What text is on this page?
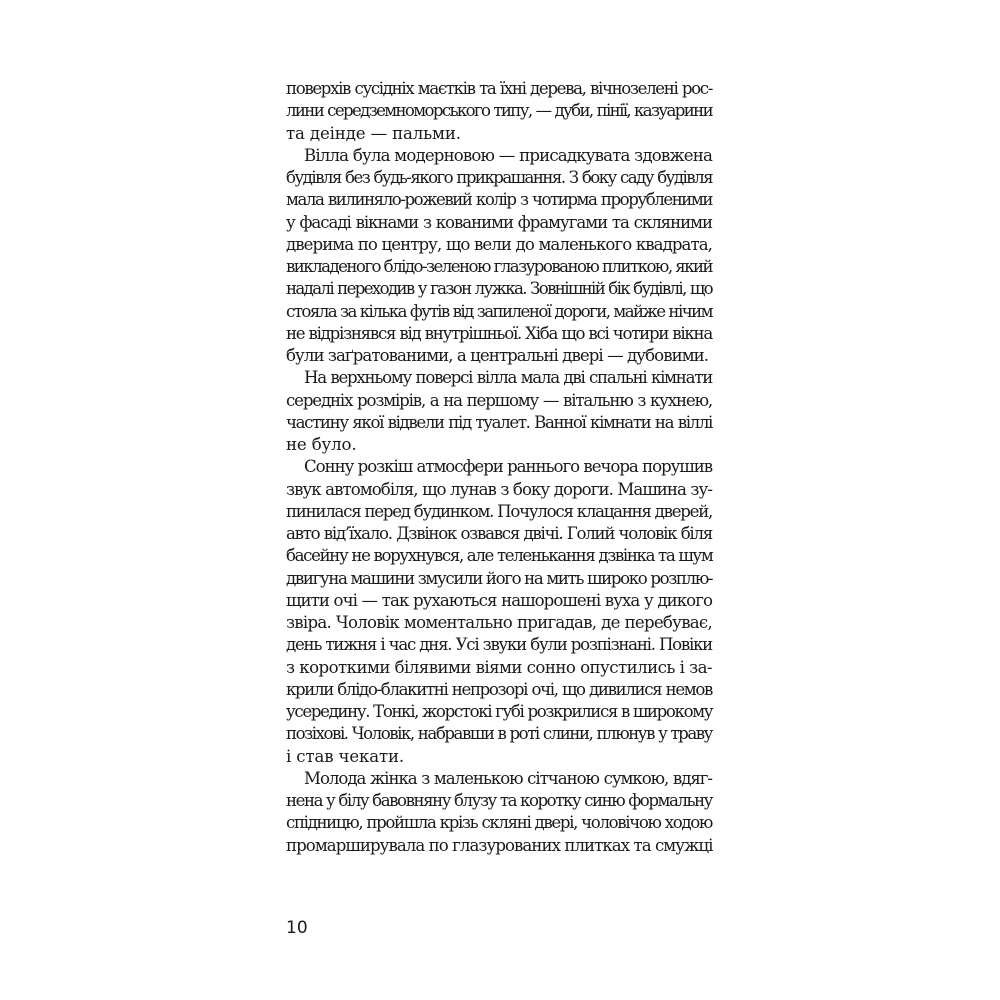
поверхів сусідніх маєтків та їхні дерева, вічнозелені рос-
лини середземноморського типу, — дуби, пінії, казуарини
та деінде — пальми.
Вілла була модерновою — присадкувата здовжена
будівля без будь-якого прикрашання. З боку саду будівля
мала вилиняло-рожевий колір з чотирма прорубленими
у фасаді вікнами з кованими фрамугами та скляними
дверима по центру, що вели до маленького квадрата,
викладеного блідо-зеленою глазурованою плиткою, який
надалі переходив у газон лужка. Зовнішній бік будівлі, що
стояла за кілька футів від запиленої дороги, майже нічим
не відрізнявся від внутрішньої. Хіба що всі чотири вікна
були заґратованими, а центральні двері — дубовими.
На верхньому поверсі вілла мала дві спальні кімнати
середніх розмірів, а на першому — вітальню з кухнею,
частину якої відвели під туалет. Ванної кімнати на віллі
не було.
Сонну розкіш атмосфери раннього вечора порушив
звук автомобіля, що лунав з боку дороги. Машина зу-
пинилася перед будинком. Почулося клацання дверей,
авто від’їхало. Дзвінок озвався двічі. Голий чоловік біля
басейну не ворухнувся, але теленькання дзвінка та шум
двигуна машини змусили його на мить широко розплю-
щити очі — так рухаються нашорошені вуха у дикого
звіра. Чоловік моментально пригадав, де перебуває,
день тижня і час дня. Усі звуки були розпізнані. Повіки
з короткими білявими віями сонно опустились і за-
крили блідо-блакитні непрозорі очі, що дивилися немов
усередину. Тонкі, жорстокі губі розкрилися в широкому
позіхові. Чоловік, набравши в роті слини, плюнув у траву
і став чекати.
Молода жінка з маленькою сітчаною сумкою, вдяг-
нена у білу бавовняну блузу та коротку синю формальну
спідницю, пройшла крізь скляні двері, чоловічою ходою
промарширувала по глазурованих плитках та смужці
10
